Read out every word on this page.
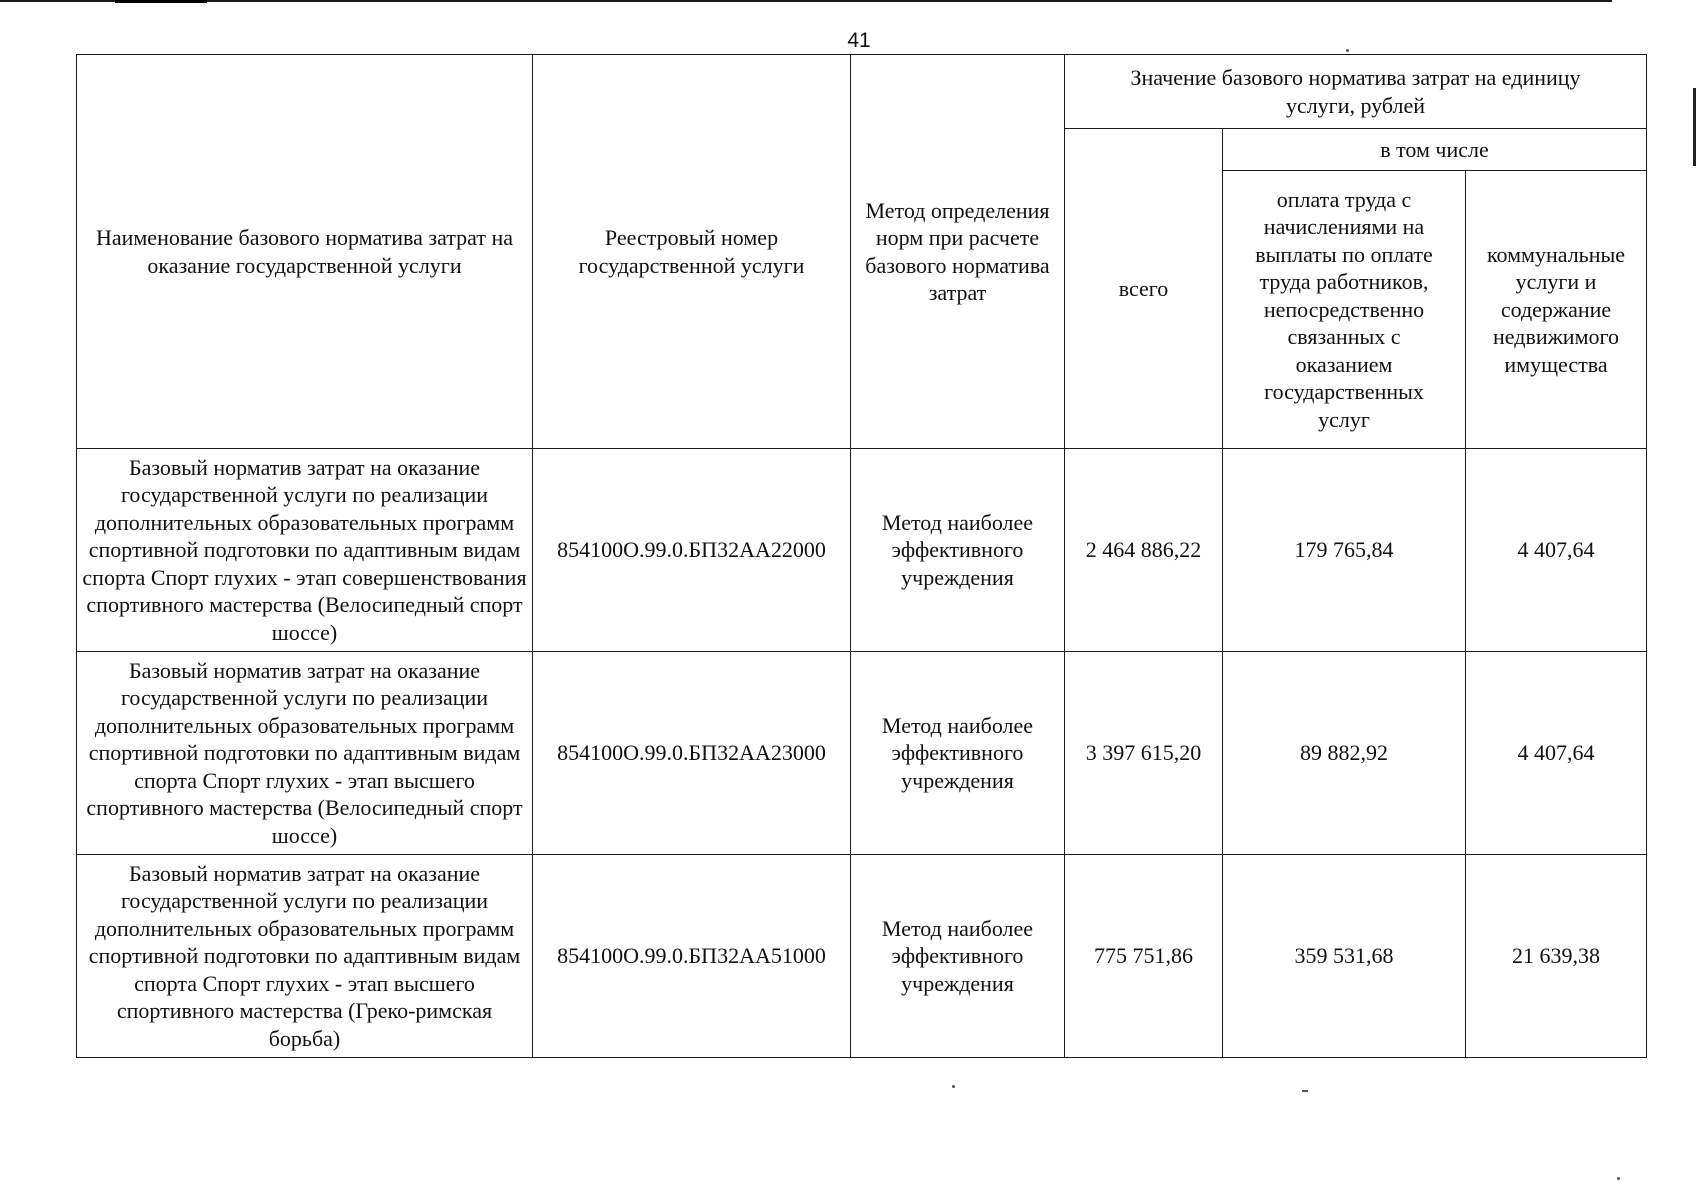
41
Наименование базового норматива затрат на оказание государственной услуги	Реестровый номер государственной услуги	Метод определения норм при расчете базового норматива затрат	Значение базового норматива затрат на единицу услуги, рублей		

			всего	в том числе	

				оплата труда с начислениями на выплаты по оплате труда работников, непосредственно связанных с оказанием государственных услуг	коммунальные услуги и содержание недвижимого имущества

Базовый норматив затрат на оказание государственной услуги по реализации дополнительных образовательных программ спортивной подготовки по адаптивным видам спорта Спорт глухих - этап совершенствования спортивного мастерства (Велосипедный спорт шоссе)	854100О.99.0.БП32АА22000	Метод наиболее эффективного учреждения	2 464 886,22	179 765,84	4 407,64
Базовый норматив затрат на оказание государственной услуги по реализации дополнительных образовательных программ спортивной подготовки по адаптивным видам спорта Спорт глухих - этап высшего спортивного мастерства (Велосипедный спорт шоссе)	854100О.99.0.БП32АА23000	Метод наиболее эффективного учреждения	3 397 615,20	89 882,92	4 407,64
Базовый норматив затрат на оказание государственной услуги по реализации дополнительных образовательных программ спортивной подготовки по адаптивным видам спорта Спорт глухих - этап высшего спортивного мастерства (Греко-римская борьба)	854100О.99.0.БП32АА51000	Метод наиболее эффективного учреждения	775 751,86	359 531,68	21 639,38
